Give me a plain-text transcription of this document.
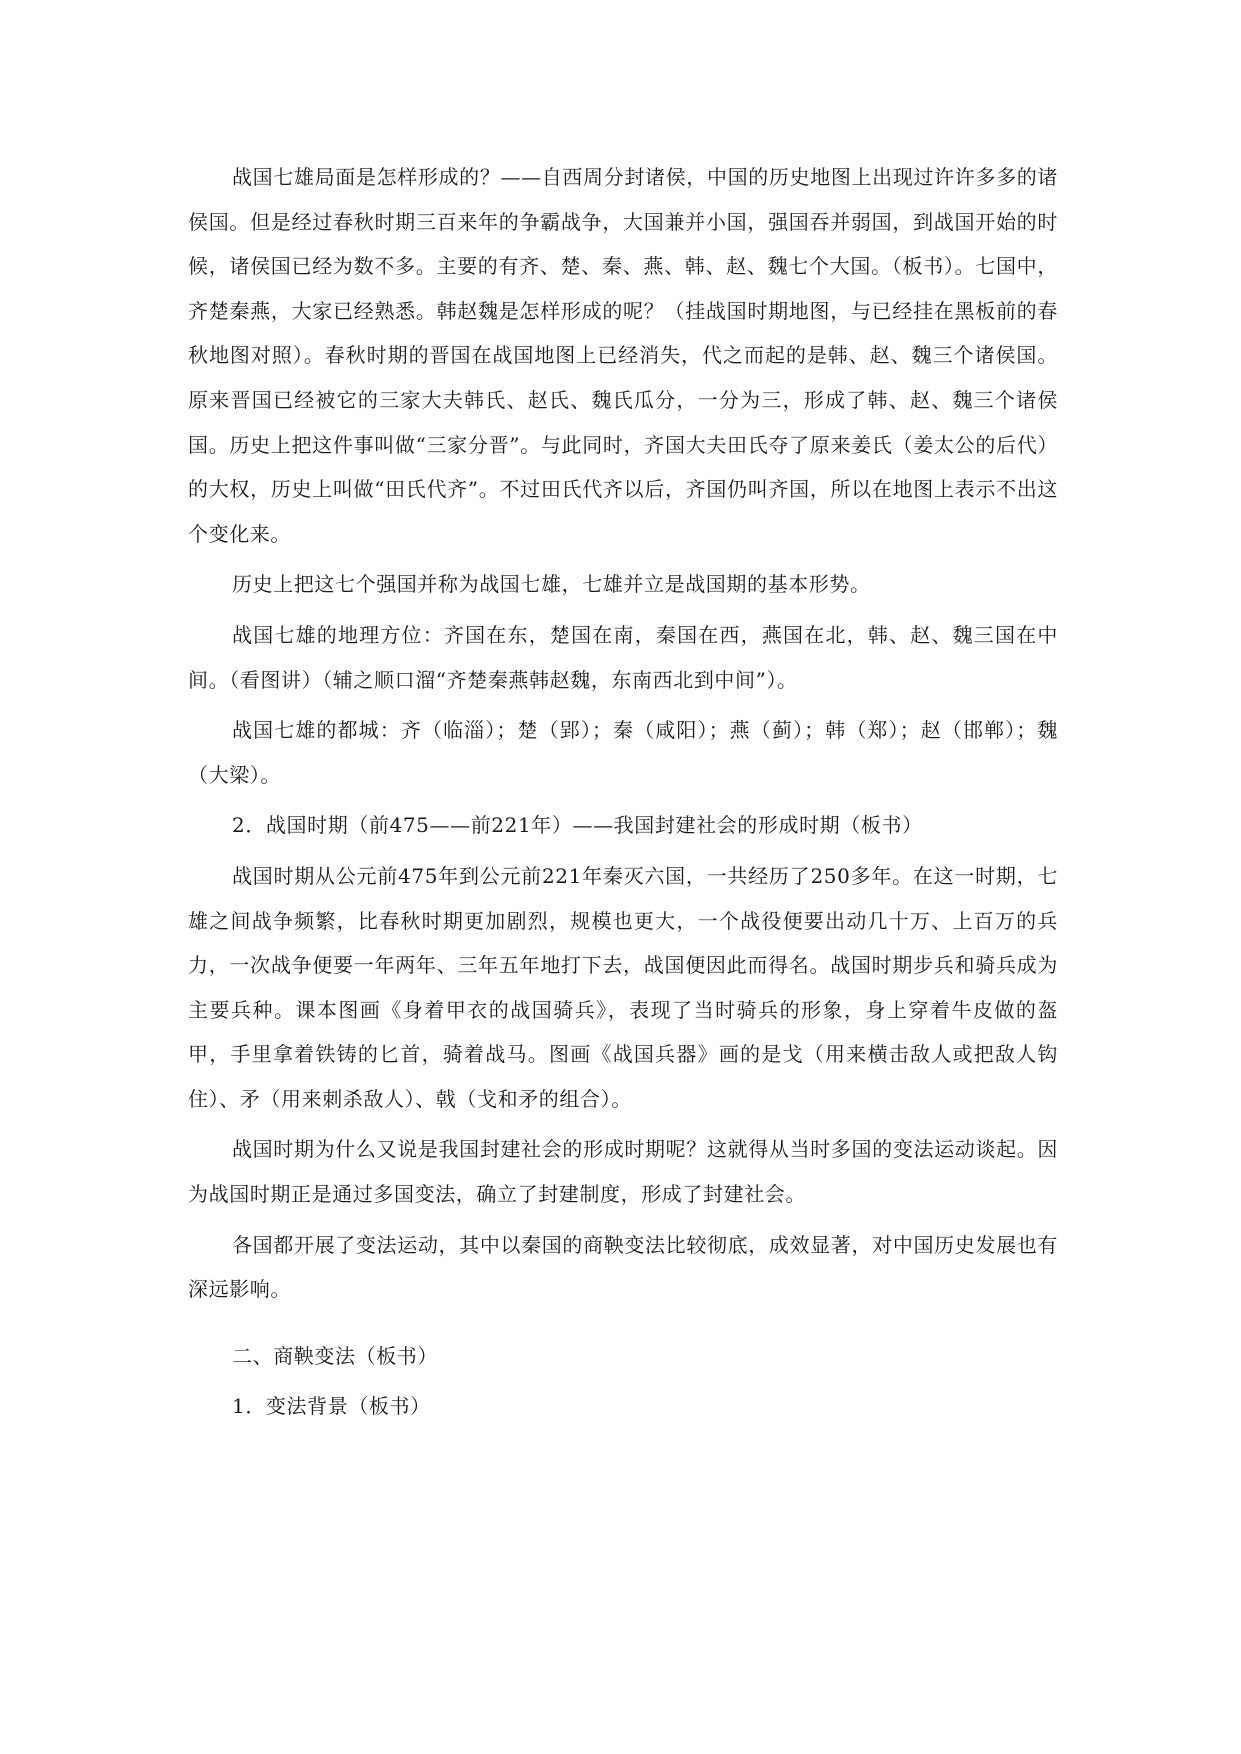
战国七雄局面是怎样形成的？——自西周分封诸侯，中国的历史地图上出现过许许多多的诸侯国。但是经过春秋时期三百来年的争霸战争，大国兼并小国，强国吞并弱国，到战国开始的时候，诸侯国已经为数不多。主要的有齐、楚、秦、燕、韩、赵、魏七个大国。（板书）。七国中，齐楚秦燕，大家已经熟悉。韩赵魏是怎样形成的呢？（挂战国时期地图，与已经挂在黑板前的春秋地图对照）。春秋时期的晋国在战国地图上已经消失，代之而起的是韩、赵、魏三个诸侯国。原来晋国已经被它的三家大夫韩氏、赵氏、魏氏瓜分，一分为三，形成了韩、赵、魏三个诸侯国。历史上把这件事叫做“三家分晋”。与此同时，齐国大夫田氏夺了原来姜氏（姜太公的后代）的大权，历史上叫做“田氏代齐”。不过田氏代齐以后，齐国仍叫齐国，所以在地图上表示不出这个变化来。

历史上把这七个强国并称为战国七雄，七雄并立是战国期的基本形势。

战国七雄的地理方位：齐国在东，楚国在南，秦国在西，燕国在北，韩、赵、魏三国在中间。（看图讲）（辅之顺口溜“齐楚秦燕韩赵魏，东南西北到中间”）。

战国七雄的都城：齐（临淄）；楚（郢）；秦（咸阳）；燕（蓟）；韩（郑）；赵（邯郸）；魏（大梁）。

2．战国时期（前475——前221年）——我国封建社会的形成时期（板书）

战国时期从公元前475年到公元前221年秦灭六国，一共经历了250多年。在这一时期，七雄之间战争频繁，比春秋时期更加剧烈，规模也更大，一个战役便要出动几十万、上百万的兵力，一次战争便要一年两年、三年五年地打下去，战国便因此而得名。战国时期步兵和骑兵成为主要兵种。课本图画《身着甲衣的战国骑兵》，表现了当时骑兵的形象，身上穿着牛皮做的盔甲，手里拿着铁铸的匕首，骑着战马。图画《战国兵器》画的是戈（用来横击敌人或把敌人钩住）、矛（用来刺杀敌人）、戟（戈和矛的组合）。

战国时期为什么又说是我国封建社会的形成时期呢？这就得从当时多国的变法运动谈起。因为战国时期正是通过多国变法，确立了封建制度，形成了封建社会。

各国都开展了变法运动，其中以秦国的商鞅变法比较彻底，成效显著，对中国历史发展也有深远影响。

二、商鞅变法（板书）

1．变法背景（板书）
